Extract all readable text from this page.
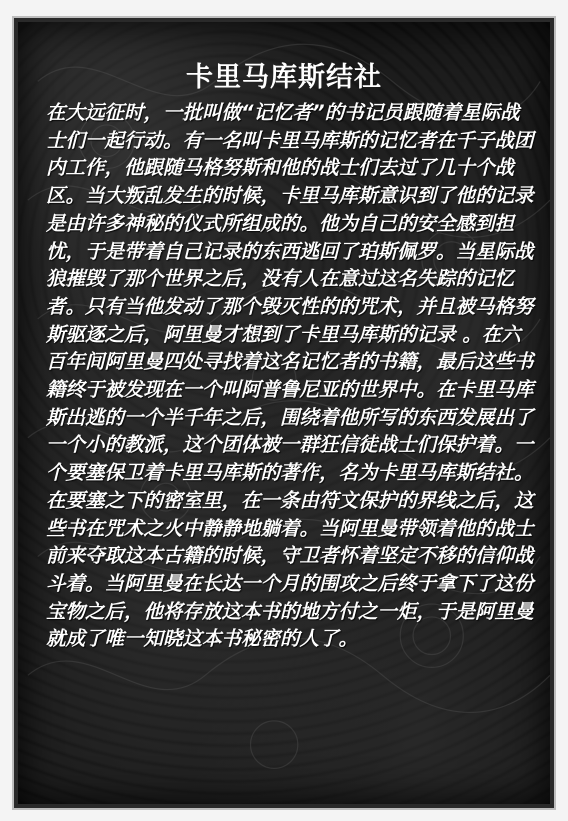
卡里马库斯结社

在大远征时，一批叫做“记忆者”的书记员跟随着星际战士们一起行动。有一名叫卡里马库斯的记忆者在千子战团内工作，他跟随马格努斯和他的战士们去过了几十个战区。当大叛乱发生的时候，卡里马库斯意识到了他的记录是由许多神秘的仪式所组成的。他为自己的安全感到担忧，于是带着自己记录的东西逃回了珀斯佩罗。当星际战狼摧毁了那个世界之后，没有人在意过这名失踪的记忆者。只有当他发动了那个毁灭性的的咒术，并且被马格努斯驱逐之后，阿里曼才想到了卡里马库斯的记录 。在六百年间阿里曼四处寻找着这名记忆者的书籍，最后这些书籍终于被发现在一个叫阿普鲁尼亚的世界中。在卡里马库斯出逃的一个半千年之后，围绕着他所写的东西发展出了一个小的教派，这个团体被一群狂信徒战士们保护着。一个要塞保卫着卡里马库斯的著作，名为卡里马库斯结社。在要塞之下的密室里，在一条由符文保护的界线之后，这些书在咒术之火中静静地躺着。当阿里曼带领着他的战士前来夺取这本古籍的时候，守卫者怀着坚定不移的信仰战斗着。当阿里曼在长达一个月的围攻之后终于拿下了这份宝物之后，他将存放这本书的地方付之一炬，于是阿里曼就成了唯一知晓这本书秘密的人了。
